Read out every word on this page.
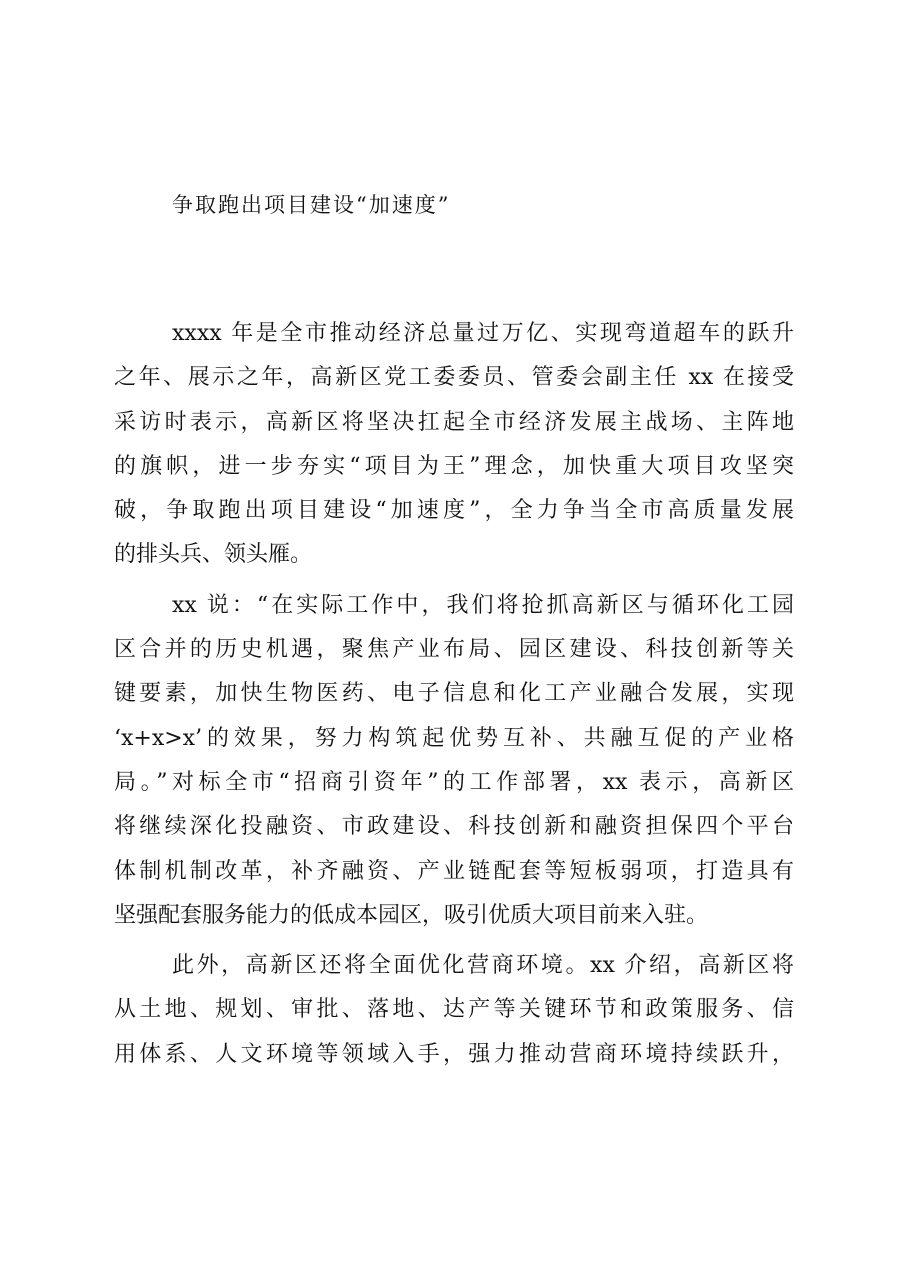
争取跑出项目建设“加速度”
xxxx 年是全市推动经济总量过万亿、实现弯道超车的跃升
之年、展示之年，高新区党工委委员、管委会副主任 xx 在接受
采访时表示，高新区将坚决扛起全市经济发展主战场、主阵地
的旗帜，进一步夯实“项目为王”理念，加快重大项目攻坚突
破，争取跑出项目建设“加速度”，全力争当全市高质量发展
的排头兵、领头雁。
xx 说：“在实际工作中，我们将抢抓高新区与循环化工园
区合并的历史机遇，聚焦产业布局、园区建设、科技创新等关
键要素，加快生物医药、电子信息和化工产业融合发展，实现
‘x+x>x’的效果，努力构筑起优势互补、共融互促的产业格
局。”对标全市“招商引资年”的工作部署，xx 表示，高新区
将继续深化投融资、市政建设、科技创新和融资担保四个平台
体制机制改革，补齐融资、产业链配套等短板弱项，打造具有
坚强配套服务能力的低成本园区，吸引优质大项目前来入驻。
此外，高新区还将全面优化营商环境。xx 介绍，高新区将
从土地、规划、审批、落地、达产等关键环节和政策服务、信
用体系、人文环境等领域入手，强力推动营商环境持续跃升，
